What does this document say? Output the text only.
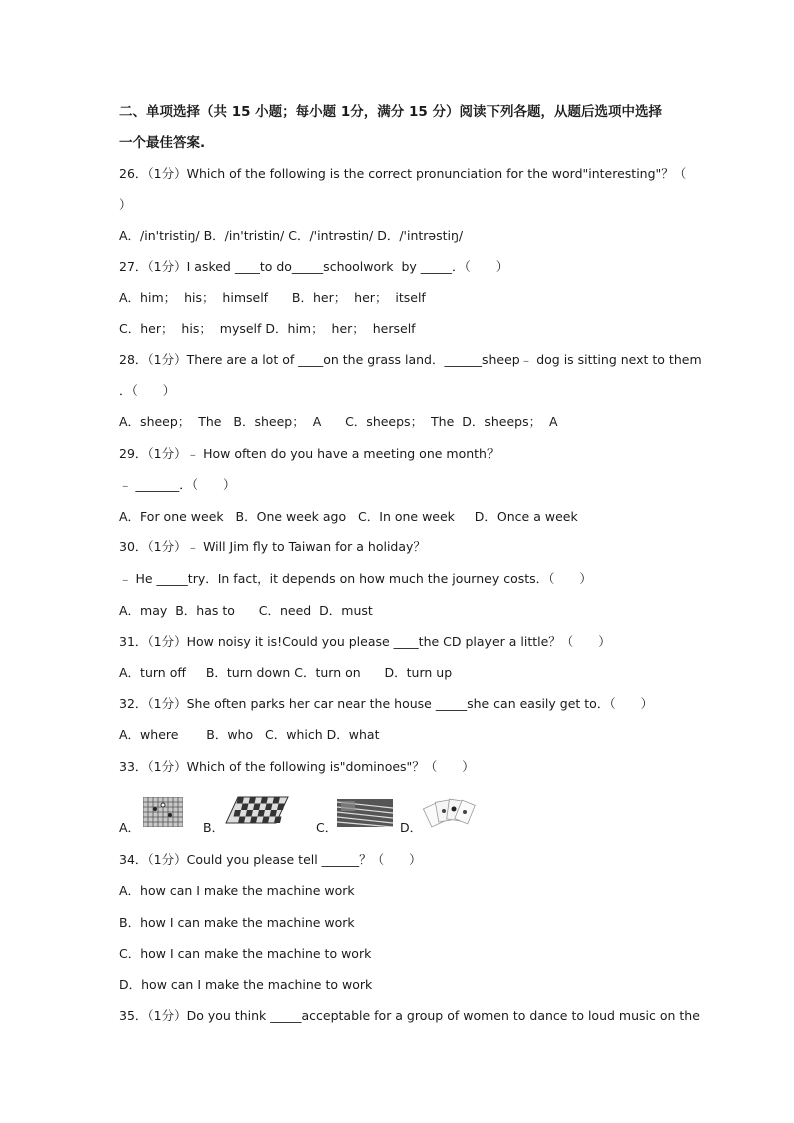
二、单项选择（共 15 小题；每小题 1分，满分 15 分）阅读下列各题，从题后选项中选择
一个最佳答案.
26．（1分）Which of the following is the correct pronunciation for the word"interesting"？（
）
A．/in'tristiŋ/ B．/in'tristin/ C．/'intrəstin/ D．/'intrəstiŋ/
27．（1分）I asked ____to do_____schoolwork  by _____．（　　）
A．him；  his；  himself      B．her；  her；  itself
C．her；  his；  myself D．him；  her；  herself
28．（1分）There are a lot of ____on the grass land．______sheep﹣ dog is sitting next to them
．（　　）
A．sheep；  The   B．sheep；  A      C．sheeps；  The  D．sheeps；  A
29．（1分）﹣ How often do you have a meeting one month？
﹣ _______．（　　）
A．For one week   B．One week ago   C．In one week     D．Once a week
30．（1分）﹣ Will Jim fly to Taiwan for a holiday？
﹣ He _____try．In fact，it depends on how much the journey costs．（　　）
A．may  B．has to      C．need  D．must
31．（1分）How noisy it is!Could you please ____the CD player a little？（　　）
A．turn off     B．turn down C．turn on      D．turn up
32．（1分）She often parks her car near the house _____she can easily get to．（　　）
A．where       B．who   C．which D．what
33．（1分）Which of the following is"dominoes"？（　　）
A．	B．	C．	D．
34．（1分）Could you please tell ______？（　　）
A．how can I make the machine work
B．how I can make the machine work
C．how I can make the machine to work
D．how can I make the machine to work
35．（1分）Do you think _____acceptable for a group of women to dance to loud music on the
